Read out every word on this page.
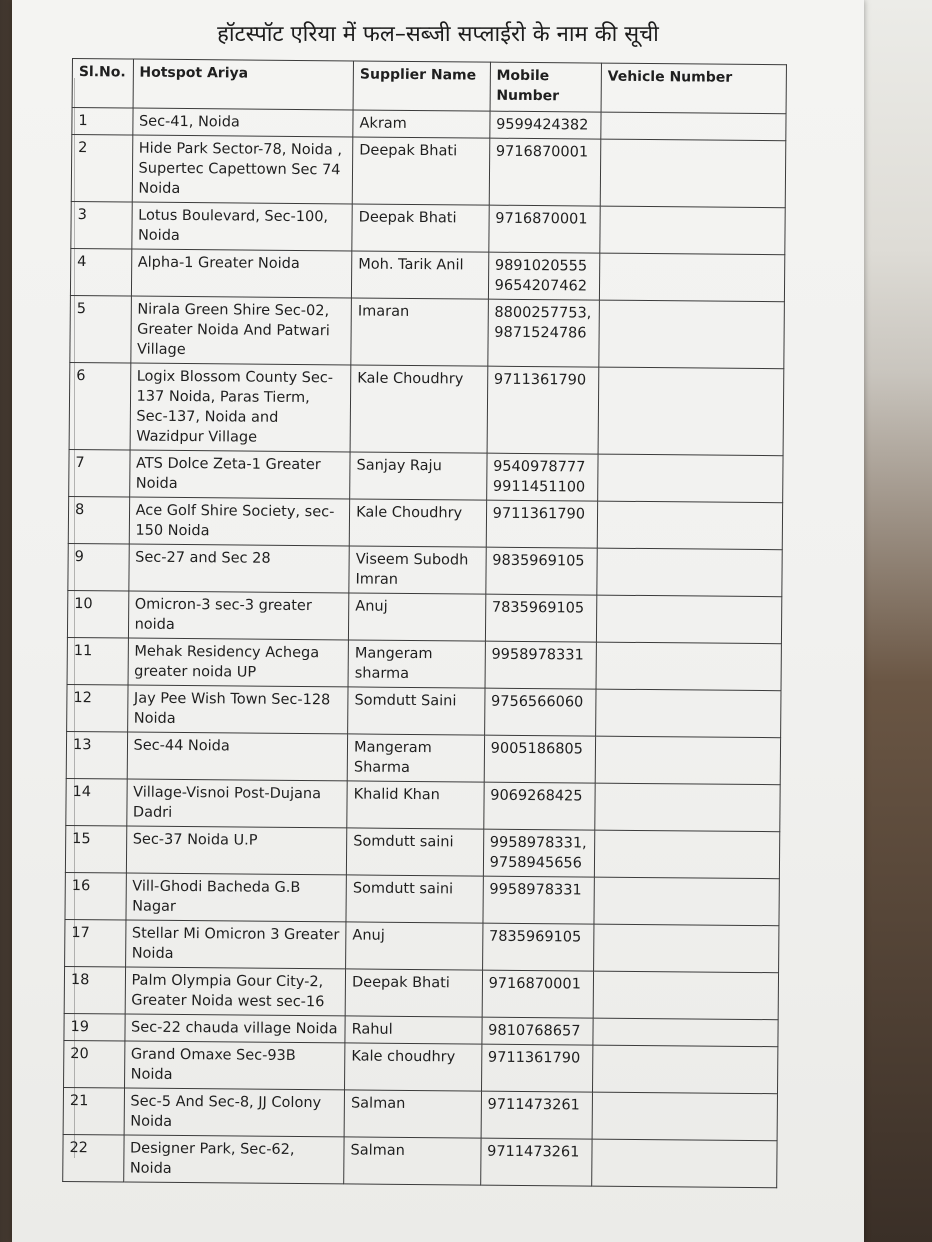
हॉटस्पॉट एरिया में फल–सब्जी सप्लाईरो के नाम की सूची
Sl.No.	Hotspot Ariya	Supplier Name	Mobile Number	Vehicle Number
1	Sec-41, Noida	Akram	9599424382	
2	Hide Park Sector-78, Noida , Supertec Capettown Sec 74 Noida	Deepak Bhati	9716870001	
3	Lotus Boulevard, Sec-100, Noida	Deepak Bhati	9716870001	
4	Alpha-1 Greater Noida	Moh. Tarik Anil	9891020555 9654207462	
5	Nirala Green Shire Sec-02, Greater Noida And Patwari Village	Imaran	8800257753, 9871524786	
6	Logix Blossom County Sec-137 Noida, Paras Tierm, Sec-137, Noida and Wazidpur Village	Kale Choudhry	9711361790	
7	ATS Dolce Zeta-1 Greater Noida	Sanjay Raju	9540978777 9911451100	
8	Ace Golf Shire Society, sec-150 Noida	Kale Choudhry	9711361790	
9	Sec-27 and Sec 28	Viseem Subodh Imran	9835969105	
10	Omicron-3 sec-3 greater noida	Anuj	7835969105	
11	Mehak Residency Achega greater noida UP	Mangeram sharma	9958978331	
12	Jay Pee Wish Town Sec-128 Noida	Somdutt Saini	9756566060	
13	Sec-44 Noida	Mangeram Sharma	9005186805	
14	Village-Visnoi Post-Dujana Dadri	Khalid Khan	9069268425	
15	Sec-37 Noida U.P	Somdutt saini	9958978331, 9758945656	
16	Vill-Ghodi Bacheda G.B Nagar	Somdutt saini	9958978331	
17	Stellar Mi Omicron 3 Greater Noida	Anuj	7835969105	
18	Palm Olympia Gour City-2, Greater Noida west sec-16	Deepak Bhati	9716870001	
19	Sec-22 chauda village Noida	Rahul	9810768657	
20	Grand Omaxe Sec-93B Noida	Kale choudhry	9711361790	
21	Sec-5 And Sec-8, JJ Colony Noida	Salman	9711473261	
22	Designer Park, Sec-62, Noida	Salman	9711473261	
